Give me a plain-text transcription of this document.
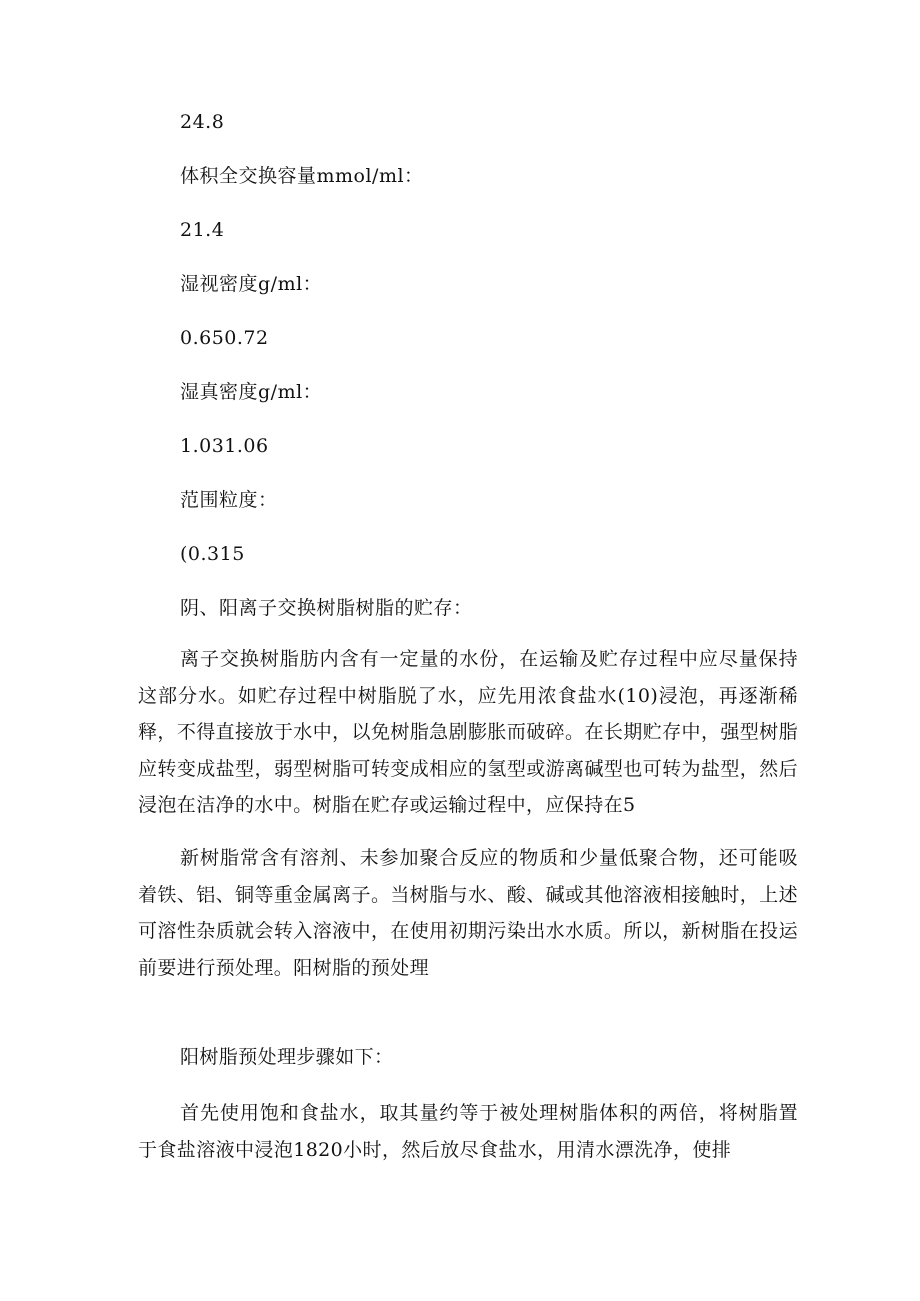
24.8
体积全交换容量mmol/ml：
21.4
湿视密度g/ml：
0.650.72
湿真密度g/ml：
1.031.06
范围粒度：
(0.315
阴、阳离子交换树脂树脂的贮存：

离子交换树脂肪内含有一定量的水份，在运输及贮存过程中应尽量保持这部分水。如贮存过程中树脂脱了水，应先用浓食盐水(10)浸泡，再逐渐稀释，不得直接放于水中，以免树脂急剧膨胀而破碎。在长期贮存中，强型树脂应转变成盐型，弱型树脂可转变成相应的氢型或游离碱型也可转为盐型，然后浸泡在洁净的水中。树脂在贮存或运输过程中，应保持在5

新树脂常含有溶剂、未参加聚合反应的物质和少量低聚合物，还可能吸着铁、铝、铜等重金属离子。当树脂与水、酸、碱或其他溶液相接触时，上述可溶性杂质就会转入溶液中，在使用初期污染出水水质。所以，新树脂在投运前要进行预处理。阳树脂的预处理

阳树脂预处理步骤如下：

首先使用饱和食盐水，取其量约等于被处理树脂体积的两倍，将树脂置于食盐溶液中浸泡1820小时，然后放尽食盐水，用清水漂洗净，使排
